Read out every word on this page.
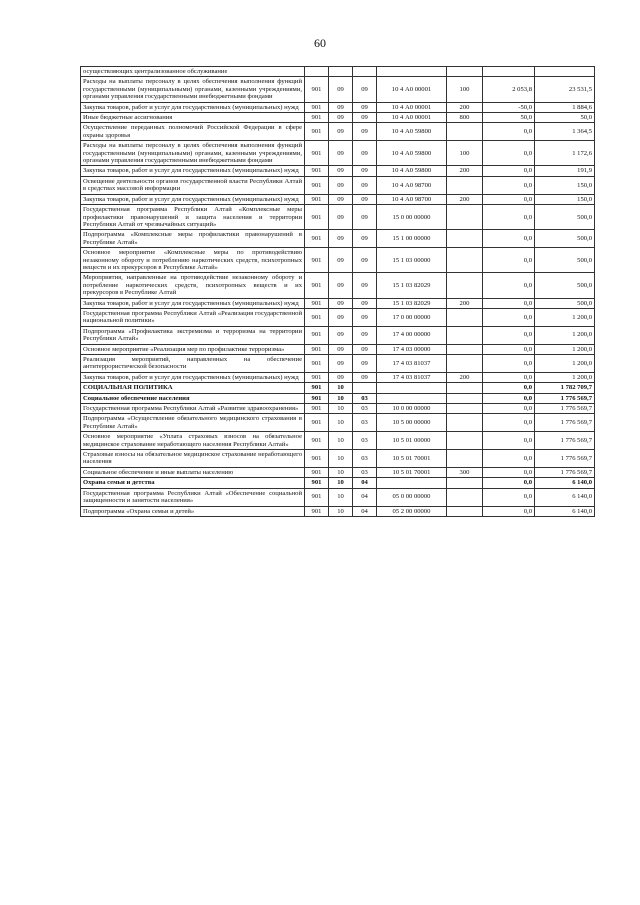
60
осуществляющих централизованное обслуживание							
Расходы на выплаты персоналу в целях обеспечения выполнения функций государственными (муниципальными) органами, казенными учреждениями, органами управления государственными внебюджетными фондами	901	09	09	10 4 А0 00001	100	2 053,8	23 531,5
Закупка товаров, работ и услуг для государственных (муниципальных) нужд	901	09	09	10 4 А0 00001	200	-50,0	1 884,6
Иные бюджетные ассигнования	901	09	09	10 4 А0 00001	800	50,0	50,0
Осуществление переданных полномочий Российской Федерации в сфере охраны здоровья	901	09	09	10 4 А0 59800		0,0	1 364,5
Расходы на выплаты персоналу в целях обеспечения выполнения функций государственными (муниципальными) органами, казенными учреждениями, органами управления государственными внебюджетными фондами	901	09	09	10 4 А0 59800	100	0,0	1 172,6
Закупка товаров, работ и услуг для государственных (муниципальных) нужд	901	09	09	10 4 А0 59800	200	0,0	191,9
Освещение деятельности органов государственной власти Республики Алтай в средствах массовой информации	901	09	09	10 4 А0 98700		0,0	150,0
Закупка товаров, работ и услуг для государственных (муниципальных) нужд	901	09	09	10 4 А0 98700	200	0,0	150,0
Государственная программа Республики Алтай «Комплексные меры профилактики правонарушений и защита населения и территории Республики Алтай от чрезвычайных ситуаций»	901	09	09	15 0 00 00000		0,0	500,0
Подпрограмма «Комплексные меры профилактики правонарушений в Республике Алтай»	901	09	09	15 1 00 00000		0,0	500,0
Основное мероприятие «Комплексные меры по противодействию незаконному обороту и потреблению наркотических средств, психотропных веществ и их прекурсоров в Республике Алтай»	901	09	09	15 1 03 00000		0,0	500,0
Мероприятия, направленные на противодействие незаконному обороту и потребление наркотических средств, психотропных веществ и их прекурсоров в Республике Алтай	901	09	09	15 1 03 82029		0,0	500,0
Закупка товаров, работ и услуг для государственных (муниципальных) нужд	901	09	09	15 1 03 82029	200	0,0	500,0
Государственная программа Республики Алтай «Реализация государственной национальной политики»	901	09	09	17 0 00 00000		0,0	1 200,0
Подпрограмма «Профилактика экстремизма и терроризма на территории Республики Алтай»	901	09	09	17 4 00 00000		0,0	1 200,0
Основное мероприятие «Реализация мер по профилактике терроризма»	901	09	09	17 4 03 00000		0,0	1 200,0
Реализация мероприятий, направленных на обеспечение антитеррористической безопасности	901	09	09	17 4 03 81037		0,0	1 200,0
Закупка товаров, работ и услуг для государственных (муниципальных) нужд	901	09	09	17 4 03 81037	200	0,0	1 200,0
СОЦИАЛЬНАЯ ПОЛИТИКА	901	10				0,0	1 782 709,7
Социальное обеспечение населения	901	10	03			0,0	1 776 569,7
Государственная программа Республики Алтай «Развитие здравоохранения»	901	10	03	10 0 00 00000		0,0	1 776 569,7
Подпрограмма «Осуществление обязательного медицинского страхования в Республике Алтай»	901	10	03	10 5 00 00000		0,0	1 776 569,7
Основное мероприятие «Уплата страховых взносов на обязательное медицинское страхование неработающего населения Республики Алтай»	901	10	03	10 5 01 00000		0,0	1 776 569,7
Страховые взносы на обязательное медицинское страхование неработающего населения	901	10	03	10 5 01 70001		0,0	1 776 569,7
Социальное обеспечение и иные выплаты населению	901	10	03	10 5 01 70001	300	0,0	1 776 569,7
Охрана семьи и детства	901	10	04			0,0	6 140,0
Государственная программа Республики Алтай «Обеспечение социальной защищенности и занятости населения»	901	10	04	05 0 00 00000		0,0	6 140,0
Подпрограмма «Охрана семьи и детей»	901	10	04	05 2 00 00000		0,0	6 140,0
